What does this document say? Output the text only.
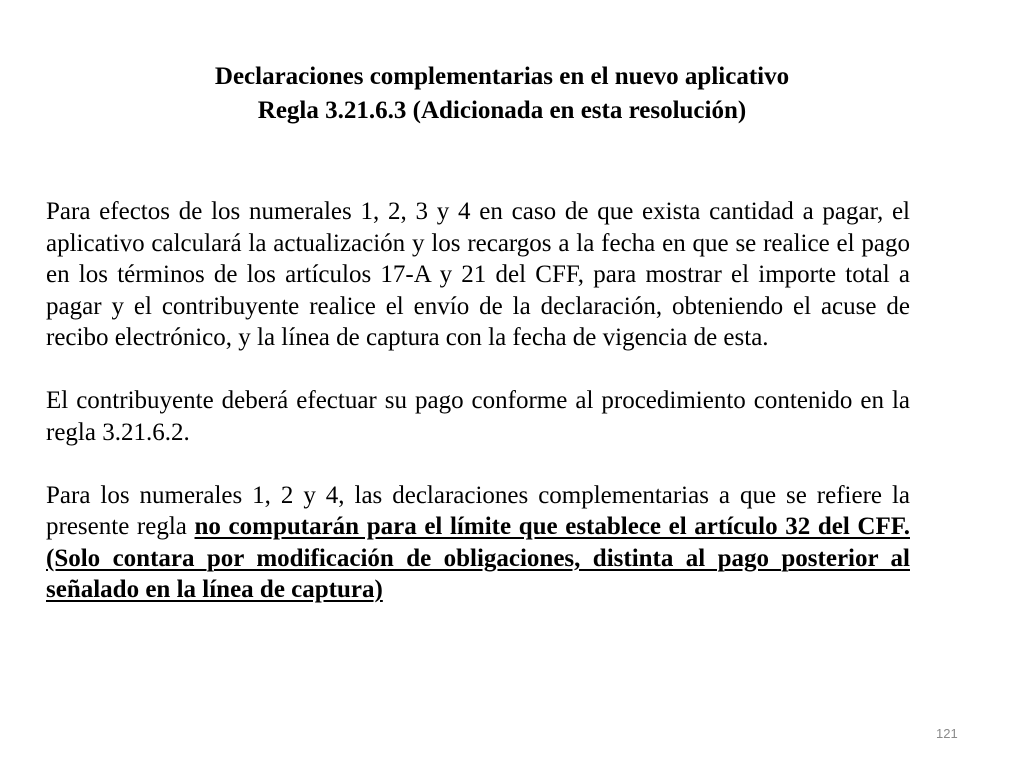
Declaraciones complementarias en el nuevo aplicativo
Regla 3.21.6.3 (Adicionada en esta resolución)

Para efectos de los numerales 1, 2, 3 y 4 en caso de que exista cantidad a pagar, el aplicativo calculará la actualización y los recargos a la fecha en que se realice el pago en los términos de los artículos 17-A y 21 del CFF, para mostrar el importe total a pagar y el contribuyente realice el envío de la declaración, obteniendo el acuse de recibo electrónico, y la línea de captura con la fecha de vigencia de esta.

El contribuyente deberá efectuar su pago conforme al procedimiento contenido en la regla 3.21.6.2.

Para los numerales 1, 2 y 4, las declaraciones complementarias a que se refiere la presente regla no computarán para el límite que establece el artículo 32 del CFF. (Solo contara por modificación de obligaciones, distinta al pago posterior al señalado en la línea de captura)

121
